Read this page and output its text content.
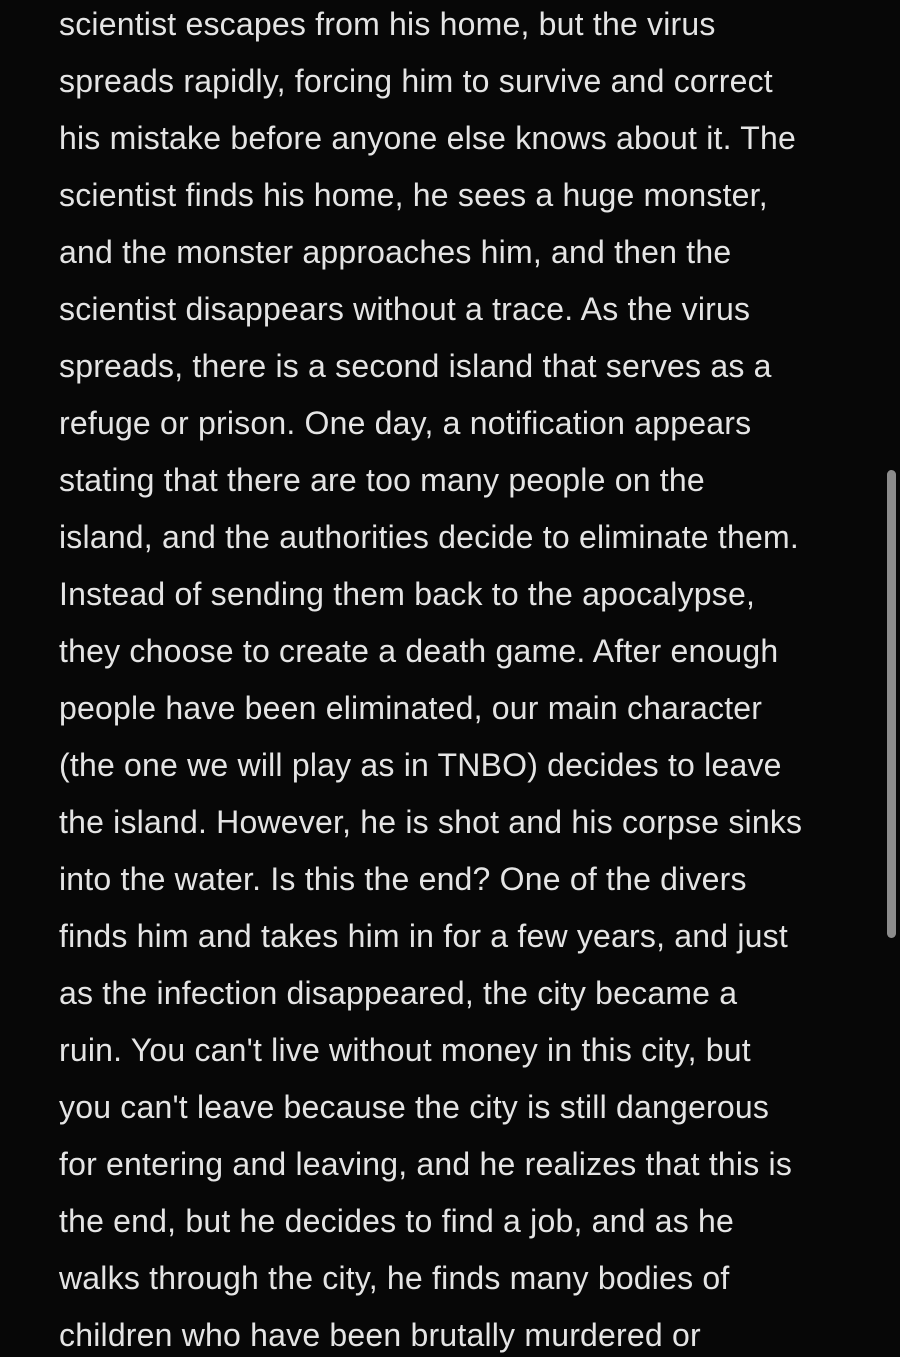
scientist escapes from his home, but the virus
spreads rapidly, forcing him to survive and correct
his mistake before anyone else knows about it. The
scientist finds his home, he sees a huge monster,
and the monster approaches him, and then the
scientist disappears without a trace. As the virus
spreads, there is a second island that serves as a
refuge or prison. One day, a notification appears
stating that there are too many people on the
island, and the authorities decide to eliminate them.
Instead of sending them back to the apocalypse,
they choose to create a death game. After enough
people have been eliminated, our main character
(the one we will play as in TNBO) decides to leave
the island. However, he is shot and his corpse sinks
into the water. Is this the end? One of the divers
finds him and takes him in for a few years, and just
as the infection disappeared, the city became a
ruin. You can't live without money in this city, but
you can't leave because the city is still dangerous
for entering and leaving, and he realizes that this is
the end, but he decides to find a job, and as he
walks through the city, he finds many bodies of
children who have been brutally murdered or
